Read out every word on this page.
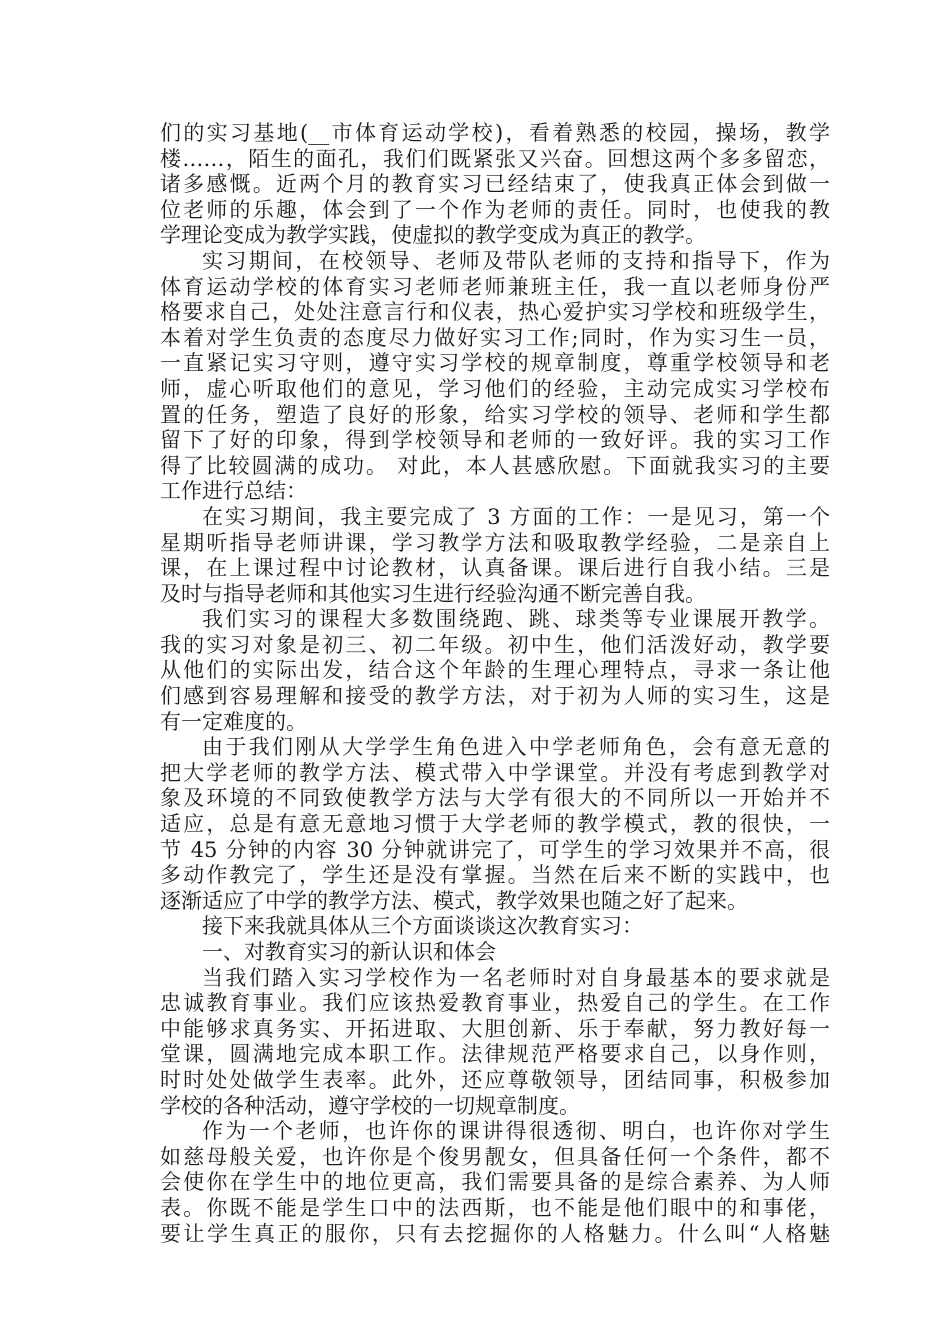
们的实习基地(__市体育运动学校)，看着熟悉的校园，操场，教学
楼……，陌生的面孔，我们们既紧张又兴奋。回想这两个多多留恋，
诸多感慨。近两个月的教育实习已经结束了，使我真正体会到做一
位老师的乐趣，体会到了一个作为老师的责任。同时，也使我的教
学理论变成为教学实践，使虚拟的教学变成为真正的教学。
实习期间，在校领导、老师及带队老师的支持和指导下，作为
体育运动学校的体育实习老师老师兼班主任，我一直以老师身份严
格要求自己，处处注意言行和仪表，热心爱护实习学校和班级学生，
本着对学生负责的态度尽力做好实习工作;同时，作为实习生一员，
一直紧记实习守则，遵守实习学校的规章制度，尊重学校领导和老
师，虚心听取他们的意见，学习他们的经验，主动完成实习学校布
置的任务，塑造了良好的形象，给实习学校的领导、老师和学生都
留下了好的印象，得到学校领导和老师的一致好评。我的实习工作
得了比较圆满的成功。 对此，本人甚感欣慰。下面就我实习的主要
工作进行总结：
在实习期间，我主要完成了 3 方面的工作：一是见习，第一个
星期听指导老师讲课，学习教学方法和吸取教学经验，二是亲自上
课，在上课过程中讨论教材，认真备课。课后进行自我小结。三是
及时与指导老师和其他实习生进行经验沟通不断完善自我。
我们实习的课程大多数围绕跑、跳、球类等专业课展开教学。
我的实习对象是初三、初二年级。初中生，他们活泼好动，教学要
从他们的实际出发，结合这个年龄的生理心理特点，寻求一条让他
们感到容易理解和接受的教学方法，对于初为人师的实习生，这是
有一定难度的。
由于我们刚从大学学生角色进入中学老师角色，会有意无意的
把大学老师的教学方法、模式带入中学课堂。并没有考虑到教学对
象及环境的不同致使教学方法与大学有很大的不同所以一开始并不
适应，总是有意无意地习惯于大学老师的教学模式，教的很快，一
节 45 分钟的内容 30 分钟就讲完了，可学生的学习效果并不高，很
多动作教完了，学生还是没有掌握。当然在后来不断的实践中，也
逐渐适应了中学的教学方法、模式，教学效果也随之好了起来。
接下来我就具体从三个方面谈谈这次教育实习：
一、对教育实习的新认识和体会
当我们踏入实习学校作为一名老师时对自身最基本的要求就是
忠诚教育事业。我们应该热爱教育事业，热爱自己的学生。在工作
中能够求真务实、开拓进取、大胆创新、乐于奉献，努力教好每一
堂课，圆满地完成本职工作。法律规范严格要求自己，以身作则，
时时处处做学生表率。此外，还应尊敬领导，团结同事，积极参加
学校的各种活动，遵守学校的一切规章制度。
作为一个老师，也许你的课讲得很透彻、明白，也许你对学生
如慈母般关爱，也许你是个俊男靓女，但具备任何一个条件，都不
会使你在学生中的地位更高，我们需要具备的是综合素养、为人师
表。你既不能是学生口中的法西斯，也不能是他们眼中的和事佬，
要让学生真正的服你，只有去挖掘你的人格魅力。什么叫“人格魅
